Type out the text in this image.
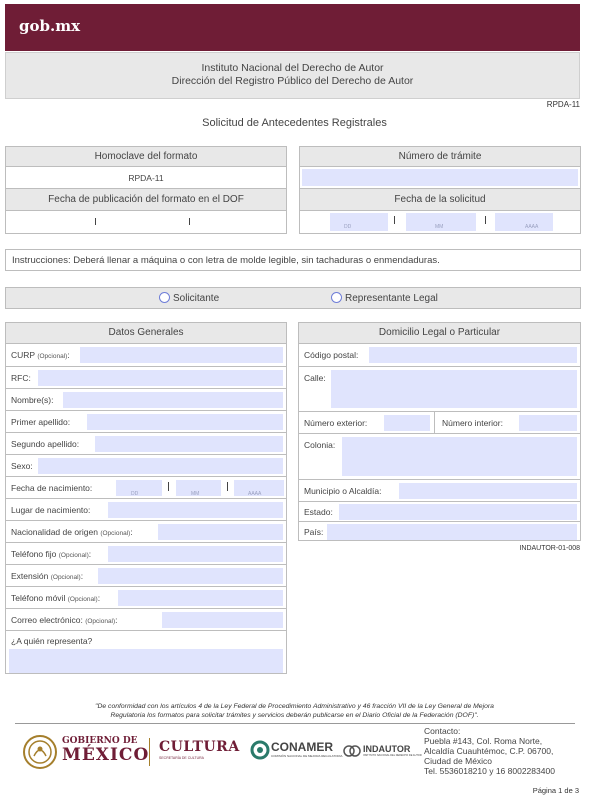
gob.mx
Instituto Nacional del Derecho de Autor
Dirección del Registro Público del Derecho de Autor
RPDA-11
Solicitud de Antecedentes Registrales
Homoclave del formato
RPDA-11
Fecha de publicación del formato en el DOF
Número de trámite
Fecha de la solicitud
DD	MM	AAAA
Instrucciones: Deberá llenar a máquina o con letra de molde legible, sin tachaduras o enmendaduras.
Solicitante	Representante Legal
Datos Generales
CURP (Opcional):
RFC:
Nombre(s):
Primer apellido:
Segundo apellido:
Sexo:
Fecha de nacimiento:
DD	MM	AAAA
Lugar de nacimiento:
Nacionalidad de origen (Opcional):
Teléfono fijo (Opcional):
Extensión (Opcional):
Teléfono móvil (Opcional):
Correo electrónico: (Opcional):
¿A quién representa?
Domicilio Legal o Particular
Código postal:
Calle:
Número exterior:	Número interior:
Colonia:
Municipio o Alcaldía:
Estado:
País:
INDAUTOR-01-008
"De conformidad con los artículos 4 de la Ley Federal de Procedimiento Administrativo y 46 fracción VII de la Ley General de Mejora
Regulatoria los formatos para solicitar trámites y servicios deberán publicarse en el Diario Oficial de la Federación (DOF)".
GOBIERNO DE
MÉXICO CULTURA
SECRETARÍA DE CULTURA
CONAMER
COMISIÓN NACIONAL DE MEJORA REGULATORIA
INDAUTOR
INSTITUTO NACIONAL DEL DERECHO DE AUTOR
Contacto:
Puebla #143, Col. Roma Norte,
Alcaldía Cuauhtémoc, C.P. 06700,
Ciudad de México
Tel. 5536018210 y 16 8002283400
Página 1 de 3
